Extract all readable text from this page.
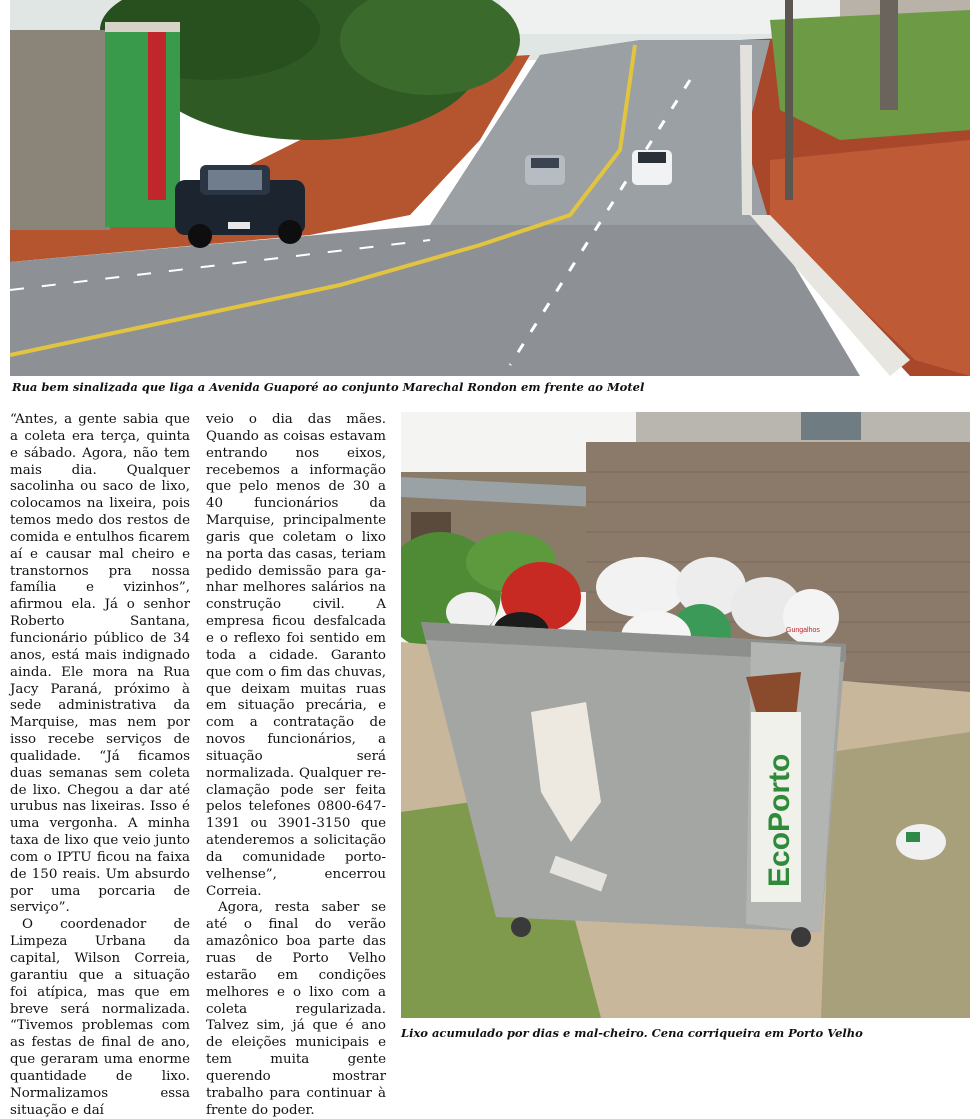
Rua bem sinalizada que liga a Avenida Guaporé ao conjunto Marechal Rondon em frente ao Motel

“Antes, a gente sabia que a coleta era terça, quinta e sábado. Agora, não tem mais dia. Qualquer sacolinha ou saco de lixo, colocamos na lixeira, pois temos medo dos restos de comida e entulhos ficarem aí e causar mal cheiro e transtornos pra nossa família e vizinhos”, afirmou ela. Já o senhor Roberto Santana, funcionário público de 34 anos, está mais indignado ainda. Ele mora na Rua Jacy Paraná, próximo à sede administrativa da Marquise, mas nem por isso recebe serviços de qualidade. “Já ficamos duas semanas sem coleta de lixo. Chegou a dar até urubus nas lixeiras. Isso é uma vergonha. A minha taxa de lixo que veio junto com o IPTU ficou na faixa de 150 reais. Um absurdo por uma porcaria de serviço”.

O coordenador de Limpeza Urbana da capital, Wilson Correia, garantiu que a situação foi atípica, mas que em breve será normalizada. “Tivemos problemas com as festas de final de ano, que geraram uma enorme quantidade de lixo. Normalizamos essa situação e daí

veio o dia das mães. Quando as coisas estavam entrando nos eixos, recebemos a informação que pelo menos de 30 a 40 funcionários da Marquise, principalmente garis que coletam o lixo na porta das casas, teriam pedido demissão para ganhar melhores salários na construção civil. A empresa ficou desfalcada e o reflexo foi sentido em toda a cidade. Garanto que com o fim das chuvas, que deixam muitas ruas em situação precária, e com a contratação de novos funcionários, a situação será normalizada. Qualquer reclamação pode ser feita pelos telefones 0800-647-1391 ou 3901-3150 que atenderemos a solicitação da comunidade porto-velhense”, encerrou Correia.

Agora, resta saber se até o final do verão amazônico boa parte das ruas de Porto Velho estarão em condições melhores e o lixo com a coleta regularizada. Talvez sim, já que é ano de eleições municipais e tem muita gente querendo mostrar trabalho para continuar à frente do poder.

EcoPorto
Gungalhos
Lixo acumulado por dias e mal-cheiro. Cena corriqueira em Porto Velho
